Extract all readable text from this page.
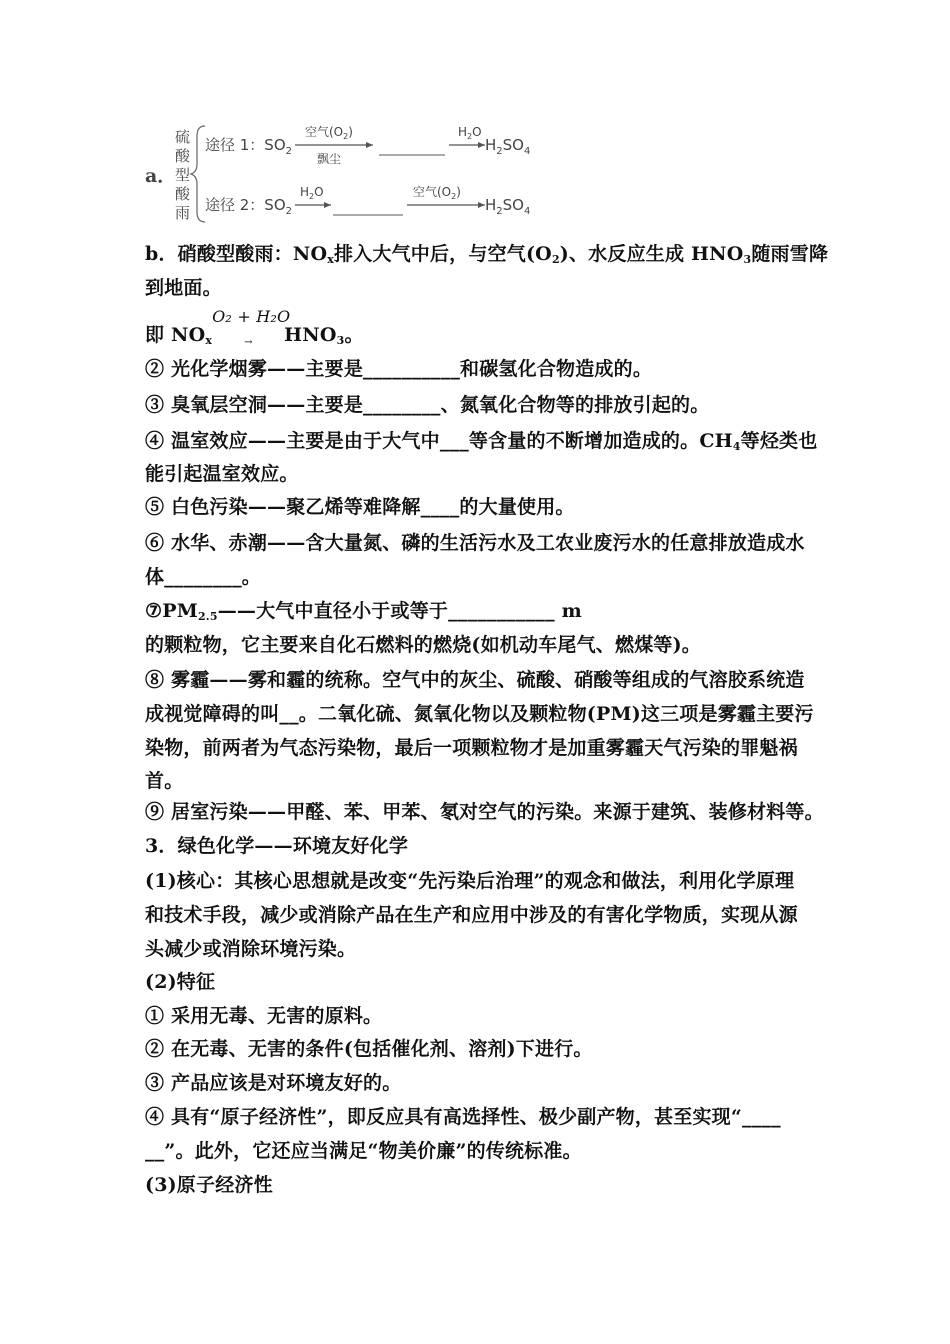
a．
硫
酸
型
酸
雨
途径 1：$SO_2$
空气$(O_2)$
飘尘
$H_2O$
$H_2SO_4$
途径 2：$SO_2$
$H_2O$	空气$(O_2)$
$H_2SO_4$
b．硝酸型酸雨：$NO_x$排入大气中后，与空气$(O_2)$、水反应生成 $HNO_3$随雨雪降
到地面。
即 $NO_x$
O₂ + H₂O
→ $HNO_3$。
② 光化学烟雾——主要是__________和碳氢化合物造成的。
③ 臭氧层空洞——主要是________、氮氧化合物等的排放引起的。
④ 温室效应——主要是由于大气中___等含量的不断增加造成的。$CH_4$等烃类也
能引起温室效应。
⑤ 白色污染——聚乙烯等难降解____的大量使用。
⑥ 水华、赤潮——含大量氮、磷的生活污水及工农业废污水的任意排放造成水
体________。
$⑦PM_{2.5}——$大气中直径小于或等于___________ m
的颗粒物，它主要来自化石燃料的燃烧(如机动车尾气、燃煤等)。
⑧ 雾霾——雾和霾的统称。空气中的灰尘、硫酸、硝酸等组成的气溶胶系统造
成视觉障碍的叫__。二氧化硫、氮氧化物以及颗粒物(PM)这三项是雾霾主要污
染物，前两者为气态污染物，最后一项颗粒物才是加重雾霾天气污染的罪魁祸
首。
⑨ 居室污染——甲醛、苯、甲苯、氡对空气的污染。来源于建筑、装修材料等。
3．绿色化学——环境友好化学
(1)核心：其核心思想就是改变“先污染后治理”的观念和做法，利用化学原理
和技术手段，减少或消除产品在生产和应用中涉及的有害化学物质，实现从源
头减少或消除环境污染。
(2)特征
① 采用无毒、无害的原料。
② 在无毒、无害的条件(包括催化剂、溶剂)下进行。
③ 产品应该是对环境友好的。
④ 具有“原子经济性”，即反应具有高选择性、极少副产物，甚至实现“____
__”。此外，它还应当满足“物美价廉”的传统标准。
(3)原子经济性
